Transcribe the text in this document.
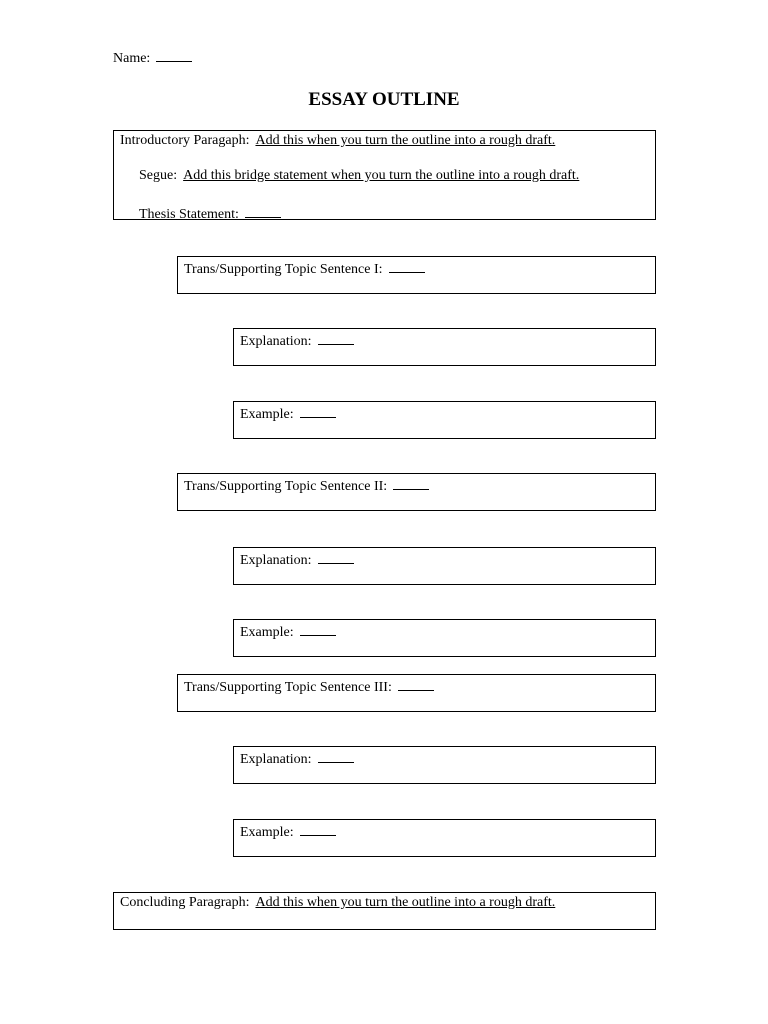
Name:
ESSAY OUTLINE
Introductory Paragaph: Add this when you turn the outline into a rough draft.
Segue: Add this bridge statement when you turn the outline into a rough draft.
Thesis Statement:
Trans/Supporting Topic Sentence I:
Explanation:
Example:
Trans/Supporting Topic Sentence II:
Explanation:
Example:
Trans/Supporting Topic Sentence III:
Explanation:
Example:
Concluding Paragraph: Add this when you turn the outline into a rough draft.
